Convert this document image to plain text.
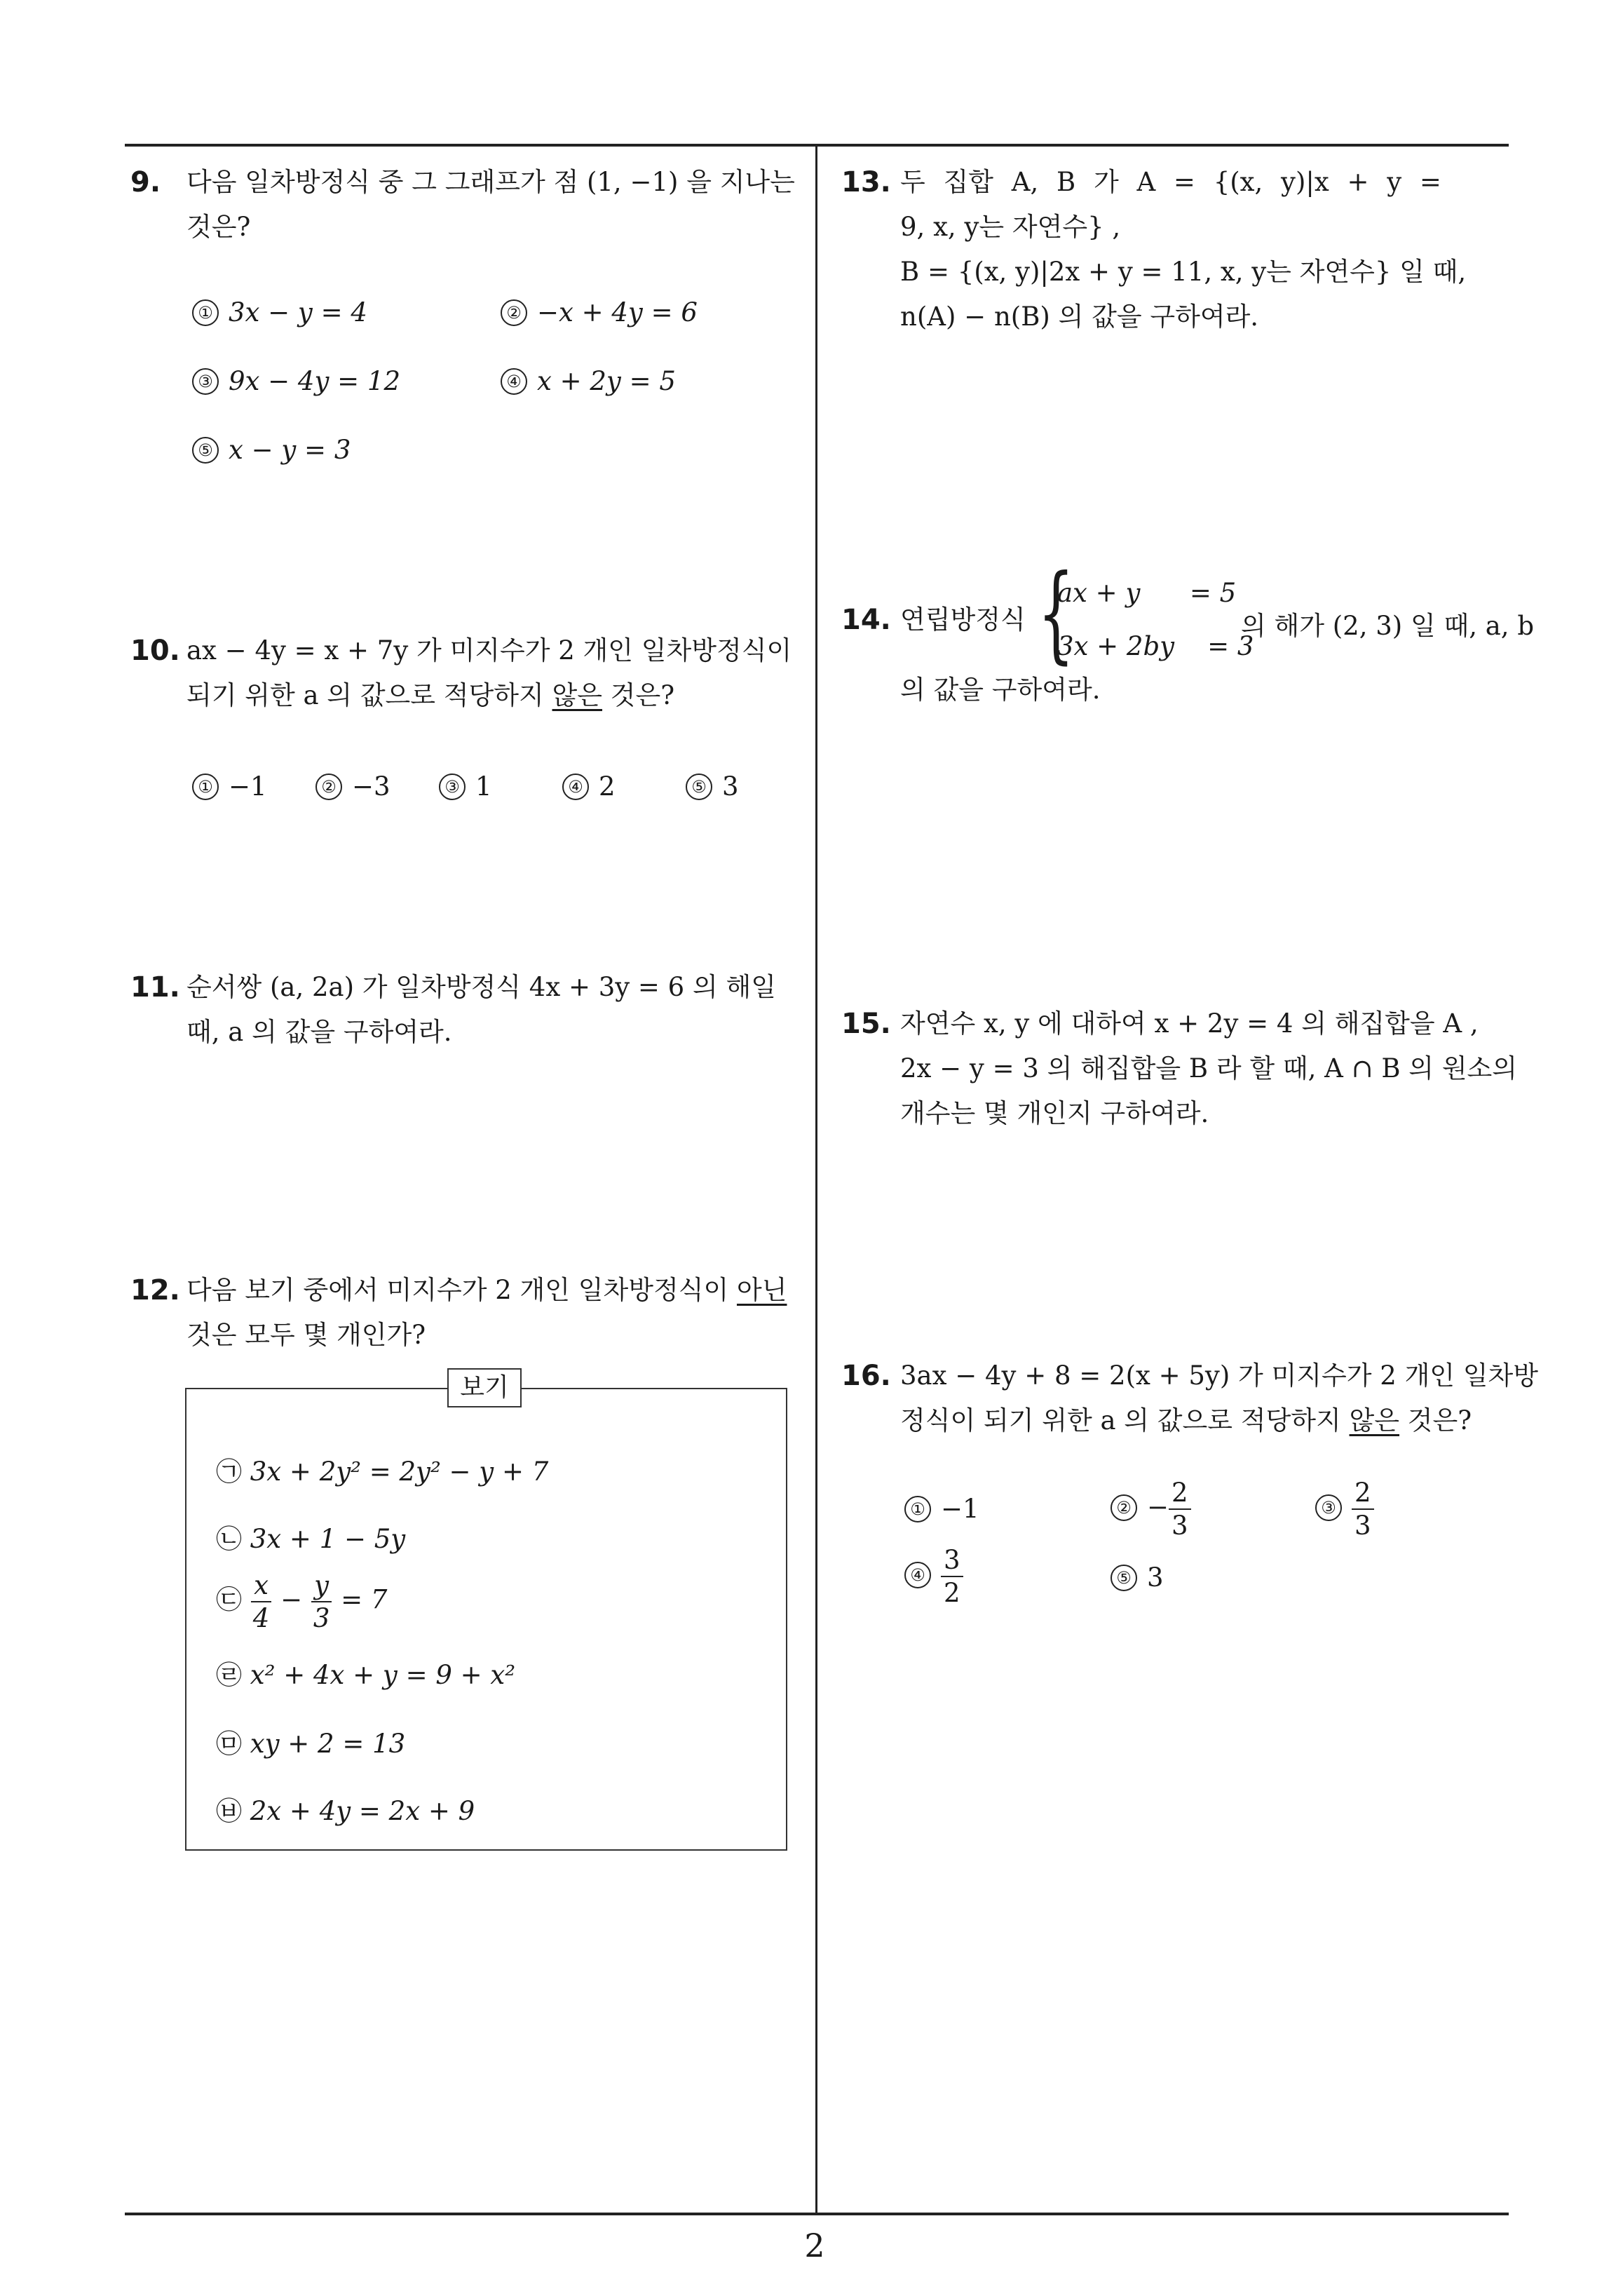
2
9. 다음 일차방정식 중 그 그래프가 점 (1, −1) 을 지나는
것은?
① 3x − y = 4	② −x + 4y = 6
③ 9x − 4y = 12	④ x + 2y = 5
⑤ x − y = 3
10. ax − 4y = x + 7y 가 미지수가 2 개인 일차방정식이
되기 위한 a 의 값으로 적당하지 않은 것은?
① −1	② −3	③ 1	④ 2	⑤ 3
11. 순서쌍 (a, 2a) 가 일차방정식 4x + 3y = 6 의 해일
때, a 의 값을 구하여라.
12. 다음 보기 중에서 미지수가 2 개인 일차방정식이 아닌
것은 모두 몇 개인가?
보기
㉠ 3x + 2y² = 2y² − y + 7
㉡ 3x + 1 − 5y
㉢ $\frac{x}{4} - \frac{y}{3} = 7$
㉣ x² + 4x + y = 9 + x²
㉤ xy + 2 = 13
㉥ 2x + 4y = 2x + 9
13. 두 집합 A, B 가 A = {(x, y)|x + y =
9, x, y는 자연수} ,
B = {(x, y)|2x + y = 11, x, y는 자연수} 일 때,
n(A) − n(B) 의 값을 구하여라.
14. 연립방정식
의 값을 구하여라.
{
ax + y      = 5
3x + 2by    = 3
의 해가 (2, 3) 일 때, a, b
15. 자연수 x, y 에 대하여 x + 2y = 4 의 해집합을 A ,
2x − y = 3 의 해집합을 B 라 할 때, A ∩ B 의 원소의
개수는 몇 개인지 구하여라.
16. 3ax − 4y + 8 = 2(x + 5y) 가 미지수가 2 개인 일차방
정식이 되기 위한 a 의 값으로 적당하지 않은 것은?
① −1	② − $\frac{2}{3}$	③ $\frac{2}{3}$
④ $\frac{3}{2}$	⑤ 3
